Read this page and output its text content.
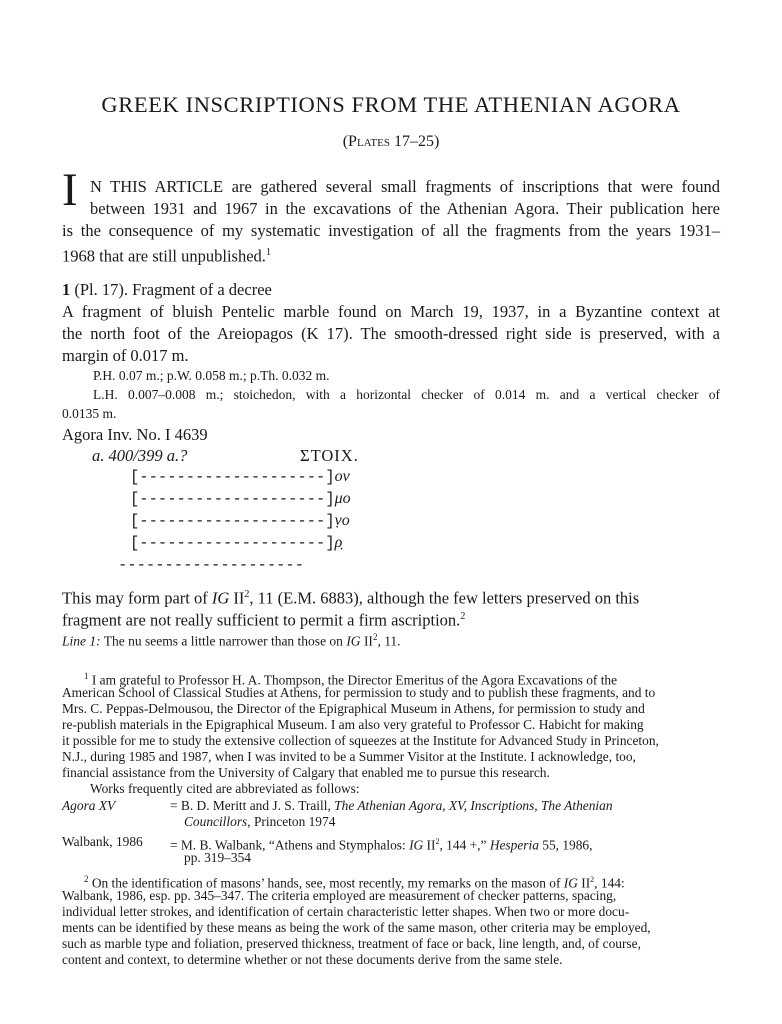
GREEK INSCRIPTIONS FROM THE ATHENIAN AGORA
(Plates 17–25)
I N THIS ARTICLE are gathered several small fragments of inscriptions that were found
between 1931 and 1967 in the excavations of the Athenian Agora. Their publication here
is the consequence of my systematic investigation of all the fragments from the years 1931–
1968 that are still unpublished.$^1$
1 (Pl. 17). Fragment of a decree
A fragment of bluish Pentelic marble found on March 19, 1937, in a Byzantine context at
the north foot of the Areiopagos (K 17). The smooth-dressed right side is preserved, with a
margin of 0.017 m.
P.H. 0.07 m.; p.W. 0.058 m.; p.Th. 0.032 m.
L.H. 0.007–0.008 m.; stoichedon, with a horizontal checker of 0.014 m. and a vertical checker of
0.0135 m.
Agora Inv. No. I 4639
a. 400/399 a.?	ΣΤΟΙΧ.
[--------------------]ον
[--------------------]μο
[--------------------]ṿο
[--------------------]ρ̣
--------------------
This may form part of IG $II^2$, 11 (E.M. 6883), although the few letters preserved on this
fragment are not really sufficient to permit a firm ascription.$^2$
Line 1: The nu seems a little narrower than those on IG $II^2$, 11.
$^1$ I am grateful to Professor H. A. Thompson, the Director Emeritus of the Agora Excavations of the
American School of Classical Studies at Athens, for permission to study and to publish these fragments, and to
Mrs. C. Peppas-Delmousou, the Director of the Epigraphical Museum in Athens, for permission to study and
re-publish materials in the Epigraphical Museum. I am also very grateful to Professor C. Habicht for making
it possible for me to study the extensive collection of squeezes at the Institute for Advanced Study in Princeton,
N.J., during 1985 and 1987, when I was invited to be a Summer Visitor at the Institute. I acknowledge, too,
financial assistance from the University of Calgary that enabled me to pursue this research.
Works frequently cited are abbreviated as follows:
Agora XV	= B. D. Meritt and J. S. Traill, The Athenian Agora, XV, Inscriptions, The Athenian
Councillors, Princeton 1974
Walbank, 1986 = M. B. Walbank, “Athens and Stymphalos: IG $II^2$, 144 +,” Hesperia 55, 1986,
pp. 319–354
$^2$ On the identification of masons’ hands, see, most recently, my remarks on the mason of IG $II^2$, 144:
Walbank, 1986, esp. pp. 345–347. The criteria employed are measurement of checker patterns, spacing,
individual letter strokes, and identification of certain characteristic letter shapes. When two or more docu-
ments can be identified by these means as being the work of the same mason, other criteria may be employed,
such as marble type and foliation, preserved thickness, treatment of face or back, line length, and, of course,
content and context, to determine whether or not these documents derive from the same stele.
